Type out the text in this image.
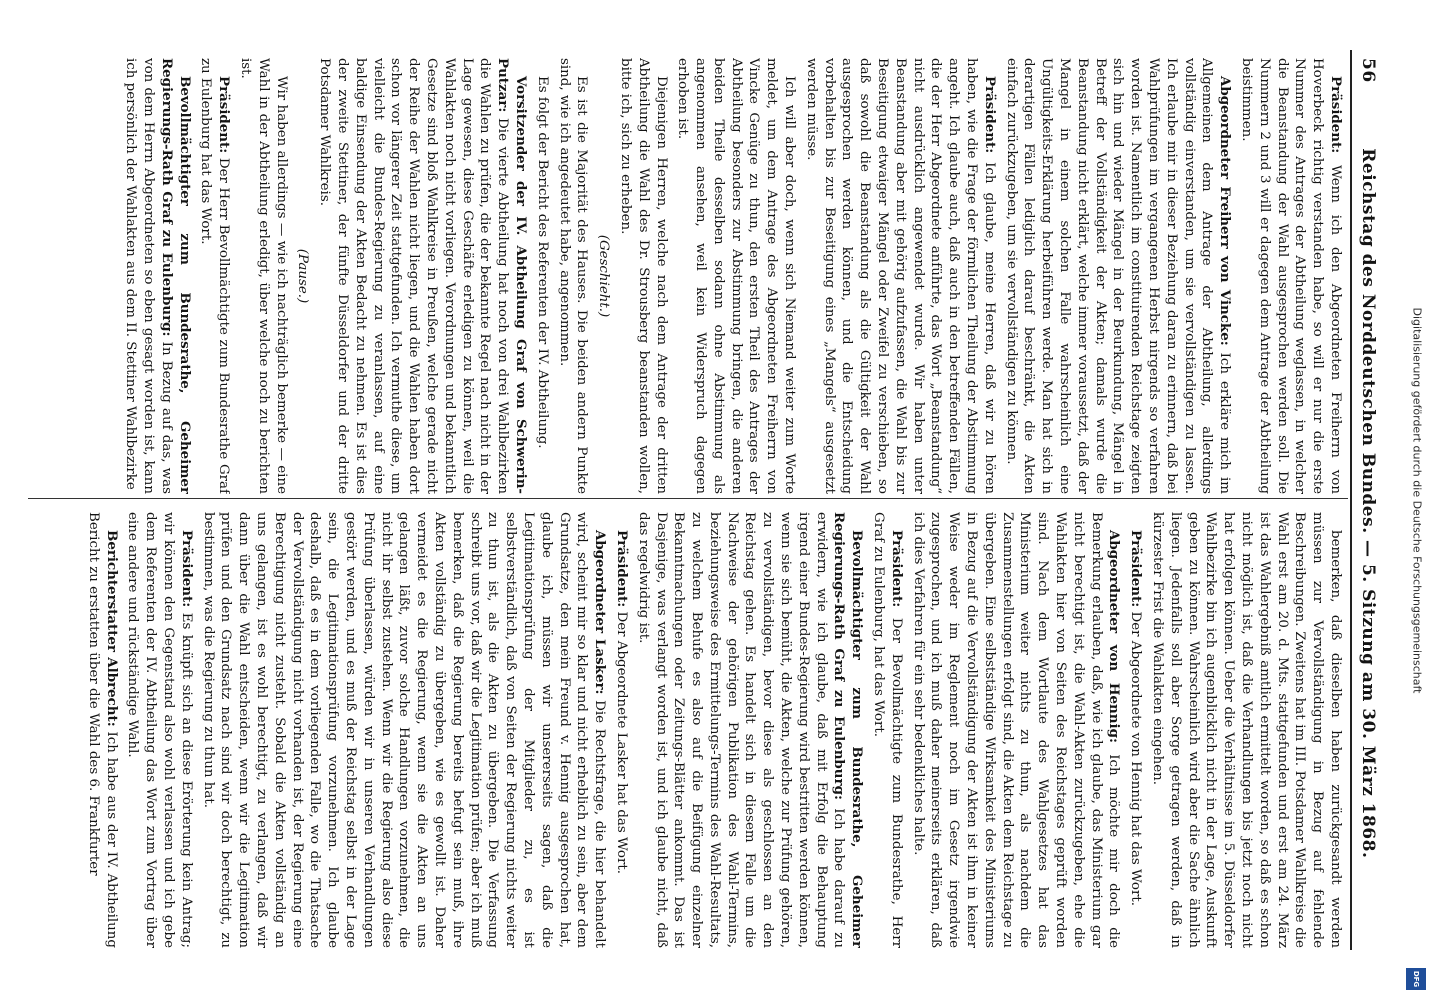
56
Reichstag des Norddeutschen Bundes. — 5. Sitzung am 30. März 1868.

Präsident: Wenn ich den Abgeordneten Freiherrn von Hoverbeck richtig verstanden habe, so will er nur die erste Nummer des Antrages der Abtheilung weglassen, in welcher die Beanstandung der Wahl ausgesprochen werden soll. Die Nummern 2 und 3 will er dagegen dem Antrage der Abtheilung beistimmen.

Abgeordneter Freiherr von Vincke: Ich erkläre mich im Allgemeinen dem Antrage der Abtheilung, allerdings vollständig einverstanden, um sie vervollständigen zu lassen. Ich erlaube mir in dieser Beziehung daran zu erinnern, daß bei Wahlprüfungen im vergangenen Herbst nirgends so verfahren worden ist. Namentlich im constituirenden Reichstage zeigten sich hin und wieder Mängel in der Beurkundung, Mängel in Betreff der Vollständigkeit der Akten; damals wurde die Beanstandung nicht erklärt, welche immer voraussetzt, daß der Mangel in einem solchen Falle wahrscheinlich eine Ungültigkeits-Erklärung herbeiführen werde. Man hat sich in derartigen Fällen lediglich darauf beschränkt, die Akten einfach zurückzugeben, um sie vervollständigen zu können.

Präsident: Ich glaube, meine Herren, daß wir zu hören haben, wie die Frage der förmlichen Theilung der Abstimmung angeht. Ich glaube auch, daß auch in den betreffenden Fällen, die der Herr Abgeordnete anführte, das Wort „Beanstandung“ nicht ausdrücklich angewendet wurde. Wir haben unter Beanstandung aber mit gehörig aufzufassen, die Wahl bis zur Beseitigung etwaiger Mängel oder Zweifel zu verschieben, so daß sowohl die Beanstandung als die Gültigkeit der Wahl ausgesprochen werden können, und die Entscheidung vorbehalten bis zur Beseitigung eines „Mangels“ ausgesetzt werden müsse.

Ich will aber doch, wenn sich Niemand weiter zum Worte meldet, um dem Antrage des Abgeordneten Freiherrn von Vincke Genüge zu thun, den ersten Theil des Antrages der Abtheilung besonders zur Abstimmung bringen, die anderen beiden Theile desselben sodann ohne Abstimmung als angenommen ansehen, weil kein Widerspruch dagegen erhoben ist.

Diejenigen Herren, welche nach dem Antrage der dritten Abtheilung die Wahl des Dr. Strousberg beanstanden wollen, bitte ich, sich zu erheben.

(Geschieht.)

Es ist die Majorität des Hauses. Die beiden andern Punkte sind, wie ich angedeutet habe, angenommen.

Es folgt der Bericht des Referenten der IV. Abtheilung.

Vorsitzender der IV. Abtheilung Graf von Schwerin-Putzar: Die vierte Abtheilung hat noch von drei Wahlbezirken die Wahlen zu prüfen, die der bekannte Regel nach nicht in der Lage gewesen, diese Geschäfte erledigen zu können, weil die Wahlakten noch nicht vorliegen. Verordnungen und bekanntlich Gesetze sind bloß Wahlkreise in Preußen, welche gerade nicht der Reihe der Wahlen nicht liegen, und die Wahlen haben dort schon vor längerer Zeit stattgefunden. Ich vermuthe diese, um vielleicht die Bundes-Regierung zu veranlassen, auf eine baldige Einsendung der Akten Bedacht zu nehmen. Es ist dies der zweite Stettiner, der fünfte Düsseldorfer und der dritte Potsdamer Wahlkreis.

(Pause.)

Wir haben allerdings — wie ich nachträglich bemerke — eine Wahl in der Abtheilung erledigt, über welche noch zu berichten ist.

Präsident: Der Herr Bevollmächtigte zum Bundesrathe Graf zu Eulenburg hat das Wort.

Bevollmächtigter zum Bundesrathe, Geheimer Regierungs-Rath Graf zu Eulenburg: In Bezug auf das, was von dem Herrn Abgeordneten so eben gesagt worden ist, kann ich persönlich der Wahlakten aus dem II. Stettiner Wahlbezirke

bemerken, daß dieselben haben zurückgesandt werden müssen zur Vervollständigung in Bezug auf fehlende Beschreibungen. Zweitens hat im III. Potsdamer Wahlkreise die Wahl erst am 20. d. Mts. stattgefunden und erst am 24. März ist das Wahlergebniß amtlich ermittelt worden, so daß es schon nicht möglich ist, daß die Verhandlungen bis jetzt noch nicht hat erfolgen können. Ueber die Verhältnisse im 5. Düsseldorfer Wahlbezirke bin ich augenblicklich nicht in der Lage, Auskunft geben zu können. Wahrscheinlich wird aber die Sache ähnlich liegen. Jedenfalls soll aber Sorge getragen werden, daß in kürzester Frist die Wahlakten eingehen.

Präsident: Der Abgeordnete von Hennig hat das Wort.

Abgeordneter von Hennig: Ich möchte mir doch die Bemerkung erlauben, daß, wie ich glaube, das Ministerium gar nicht berechtigt ist, die Wahl-Akten zurückzugeben, ehe die Wahlakten hier von Seiten des Reichstages geprüft worden sind. Nach dem Wortlaute des Wahlgesetzes hat das Ministerium weiter nichts zu thun, als nachdem die Zusammenstellungen erfolgt sind, die Akten dem Reichstage zu übergeben. Eine selbstständige Wirksamkeit des Ministeriums in Bezug auf die Vervollständigung der Akten ist ihm in keiner Weise weder im Reglement noch im Gesetz irgendwie zugesprochen, und ich muß daher meinerseits erklären, daß ich dies Verfahren für ein sehr bedenkliches halte.

Präsident: Der Bevollmächtigte zum Bundesrathe, Herr Graf zu Eulenburg, hat das Wort.

Bevollmächtigter zum Bundesrathe, Geheimer Regierungs-Rath Graf zu Eulenburg: Ich habe darauf zu erwidern, wie ich glaube, daß mit Erfolg die Behauptung irgend einer Bundes-Regierung wird bestritten werden können, wenn sie sich bemüht, die Akten, welche zur Prüfung gehören, zu vervollständigen, bevor diese als geschlossen an den Reichstag gehen. Es handelt sich in diesem Falle um die Nachweise der gehörigen Publikation des Wahl-Termins, beziehungsweise des Ermittelungs-Termins des Wahl-Resultats, zu welchem Behufe es also auf die Beifügung einzelner Bekanntmachungen oder Zeitungs-Blätter ankommt. Das ist Dasjenige, was verlangt worden ist, und ich glaube nicht, daß das regelwidrig ist.

Präsident: Der Abgeordnete Lasker hat das Wort.

Abgeordneter Lasker: Die Rechtsfrage, die hier behandelt wird, scheint mir so klar und nicht erheblich zu sein, aber dem Grundsatze, den mein Freund v. Hennig ausgesprochen hat, glaube ich, müssen wir unsererseits sagen, daß die Legitimationsprüfung der Mitglieder zu, es ist selbstverständlich, daß von Seiten der Regierung nichts weiter zu thun ist, als die Akten zu übergeben. Die Verfassung schreibt uns vor, daß wir die Legitimation prüfen; aber ich muß bemerken, daß die Regierung bereits befugt sein muß, ihre Akten vollständig zu übergeben, wie es gewollt ist. Daher vermeidet es die Regierung, wenn sie die Akten an uns gelangen läßt, zuvor solche Handlungen vorzunehmen, die nicht ihr selbst zustehen. Wenn wir die Regierung also diese Prüfung überlassen, würden wir in unseren Verhandlungen gestört werden, und es muß der Reichstag selbst in der Lage sein, die Legitimationsprüfung vorzunehmen. Ich glaube deshalb, daß es in dem vorliegenden Falle, wo die Thatsache der Vervollständigung nicht vorhanden ist, der Regierung eine Berechtigung nicht zusteht. Sobald die Akten vollständig an uns gelangen, ist es wohl berechtigt, zu verlangen, daß wir dann über die Wahl entscheiden, wenn wir die Legitimation prüfen und den Grundsatz nach sind wir doch berechtigt, zu bestimmen, was die Regierung zu thun hat.

Präsident: Es knüpft sich an diese Erörterung kein Antrag; wir können den Gegenstand also wohl verlassen und ich gebe dem Referenten der IV. Abtheilung das Wort zum Vortrag über eine andere und rückständige Wahl.

Berichterstatter Albrecht: Ich habe aus der IV. Abtheilung Bericht zu erstatten über die Wahl des 6. Frankfurter

Digitalisierung gefördert durch die Deutsche Forschungsgemeinschaft
DFG
